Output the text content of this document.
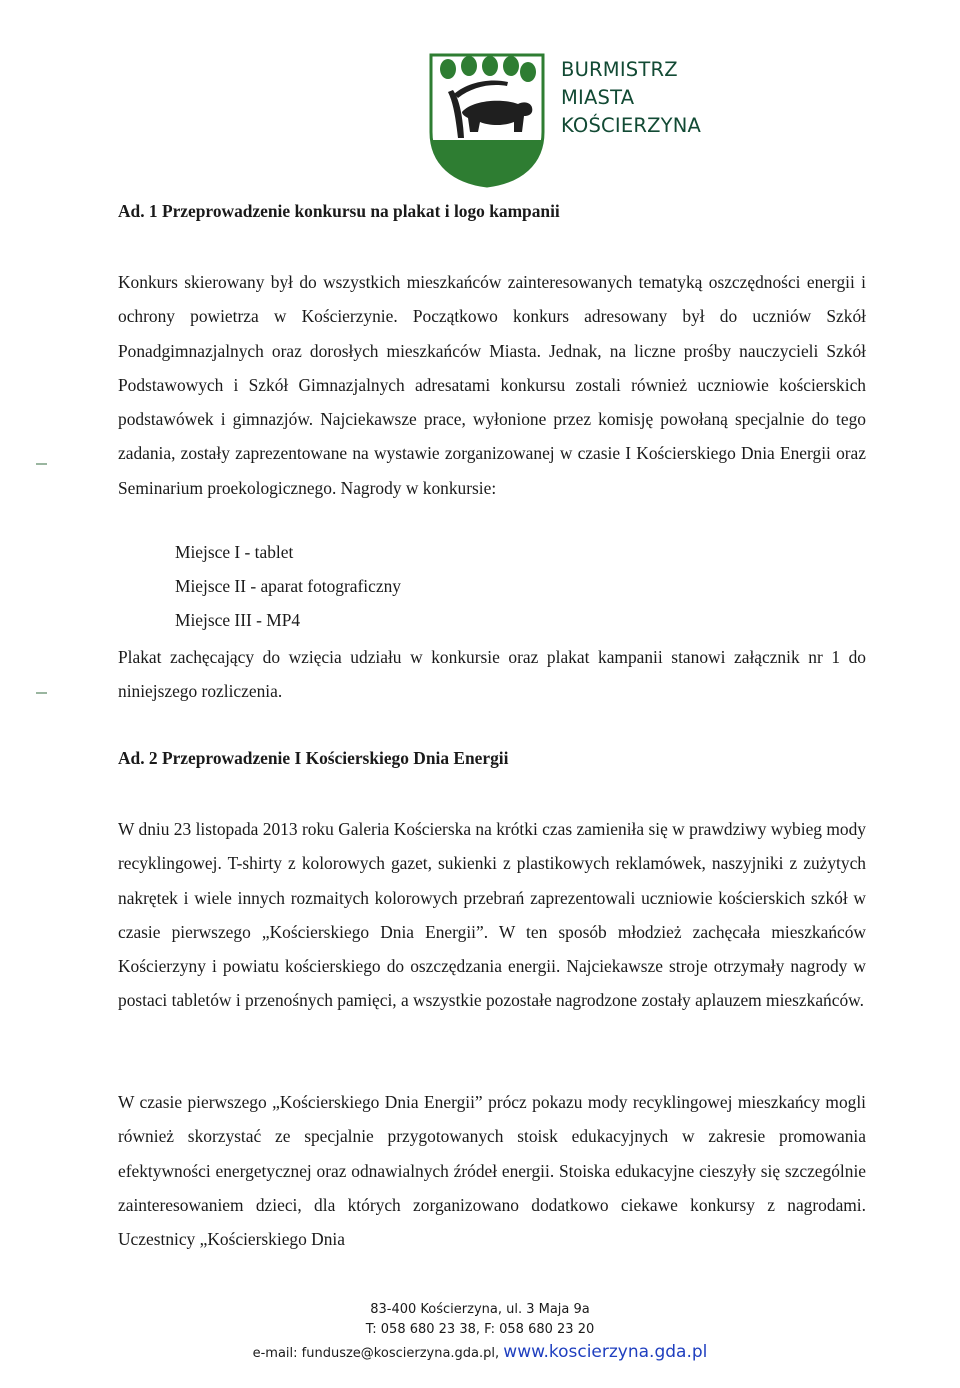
BURMISTRZ
MIASTA
KOŚCIERZYNA
Ad. 1 Przeprowadzenie konkursu na plakat i logo kampanii

Konkurs skierowany był do wszystkich mieszkańców zainteresowanych tematyką oszczędności energii i ochrony powietrza w Kościerzynie. Początkowo konkurs adresowany był do uczniów Szkół Ponadgimnazjalnych oraz dorosłych mieszkańców Miasta. Jednak, na liczne prośby nauczycieli Szkół Podstawowych i Szkół Gimnazjalnych adresatami konkursu zostali również uczniowie kościerskich podstawówek i gimnazjów. Najciekawsze prace, wyłonione przez komisję powołaną specjalnie do tego zadania, zostały zaprezentowane na wystawie zorganizowanej w czasie I Kościerskiego Dnia Energii oraz Seminarium proekologicznego. Nagrody w konkursie:

Miejsce I - tablet
Miejsce II - aparat fotograficzny
Miejsce III - MP4

Plakat zachęcający do wzięcia udziału w konkursie oraz plakat kampanii stanowi załącznik nr 1 do niniejszego rozliczenia.

Ad. 2 Przeprowadzenie I Kościerskiego Dnia Energii

W dniu 23 listopada 2013 roku Galeria Kościerska na krótki czas zamieniła się w prawdziwy wybieg mody recyklingowej. T-shirty z kolorowych gazet, sukienki z plastikowych reklamówek, naszyjniki z zużytych nakrętek i wiele innych rozmaitych kolorowych przebrań zaprezentowali uczniowie kościerskich szkół w czasie pierwszego „Kościerskiego Dnia Energii”. W ten sposób młodzież zachęcała mieszkańców Kościerzyny i powiatu kościerskiego do oszczędzania energii. Najciekawsze stroje otrzymały nagrody w postaci tabletów i przenośnych pamięci, a wszystkie pozostałe nagrodzone zostały aplauzem mieszkańców.

W czasie pierwszego „Kościerskiego Dnia Energii” prócz pokazu mody recyklingowej mieszkańcy mogli również skorzystać ze specjalnie przygotowanych stoisk edukacyjnych w zakresie promowania efektywności energetycznej oraz odnawialnych źródeł energii. Stoiska edukacyjne cieszyły się szczególnie zainteresowaniem dzieci, dla których zorganizowano dodatkowo ciekawe konkursy z nagrodami. Uczestnicy „Kościerskiego Dnia

83-400 Kościerzyna, ul. 3 Maja 9a
T: 058 680 23 38, F: 058 680 23 20
e-mail: fundusze@koscierzyna.gda.pl, www.koscierzyna.gda.pl
